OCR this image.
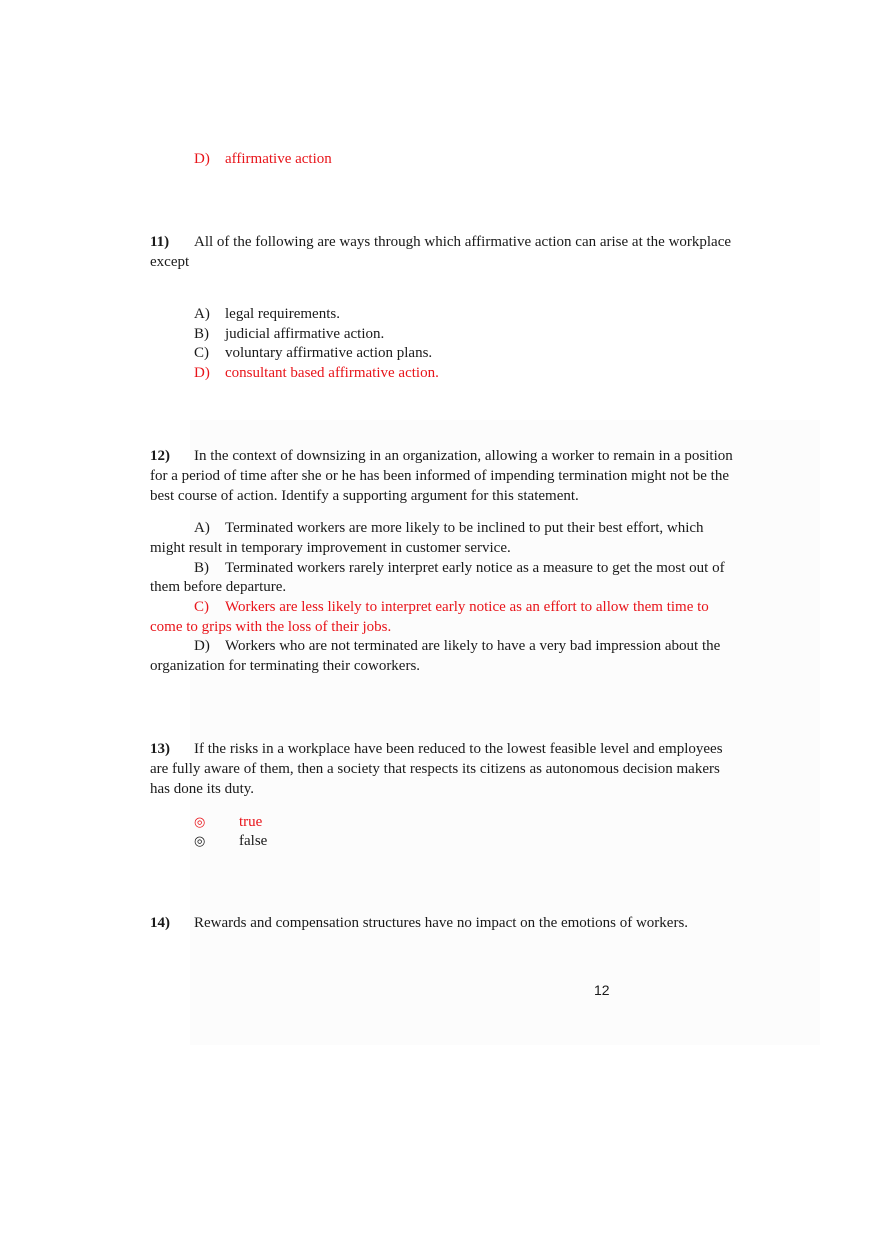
D) affirmative action
11) All of the following are ways through which affirmative action can arise at the workplace
except
A) legal requirements.
B) judicial affirmative action.
C) voluntary affirmative action plans.
D) consultant based affirmative action.
12) In the context of downsizing in an organization, allowing a worker to remain in a position
for a period of time after she or he has been informed of impending termination might not be the
best course of action. Identify a supporting argument for this statement.
A) Terminated workers are more likely to be inclined to put their best effort, which
might result in temporary improvement in customer service.
B) Terminated workers rarely interpret early notice as a measure to get the most out of
them before departure.
C) Workers are less likely to interpret early notice as an effort to allow them time to
come to grips with the loss of their jobs.
D) Workers who are not terminated are likely to have a very bad impression about the
organization for terminating their coworkers.
13) If the risks in a workplace have been reduced to the lowest feasible level and employees
are fully aware of them, then a society that respects its citizens as autonomous decision makers
has done its duty.
◎ true
◎ false
14) Rewards and compensation structures have no impact on the emotions of workers.
12
